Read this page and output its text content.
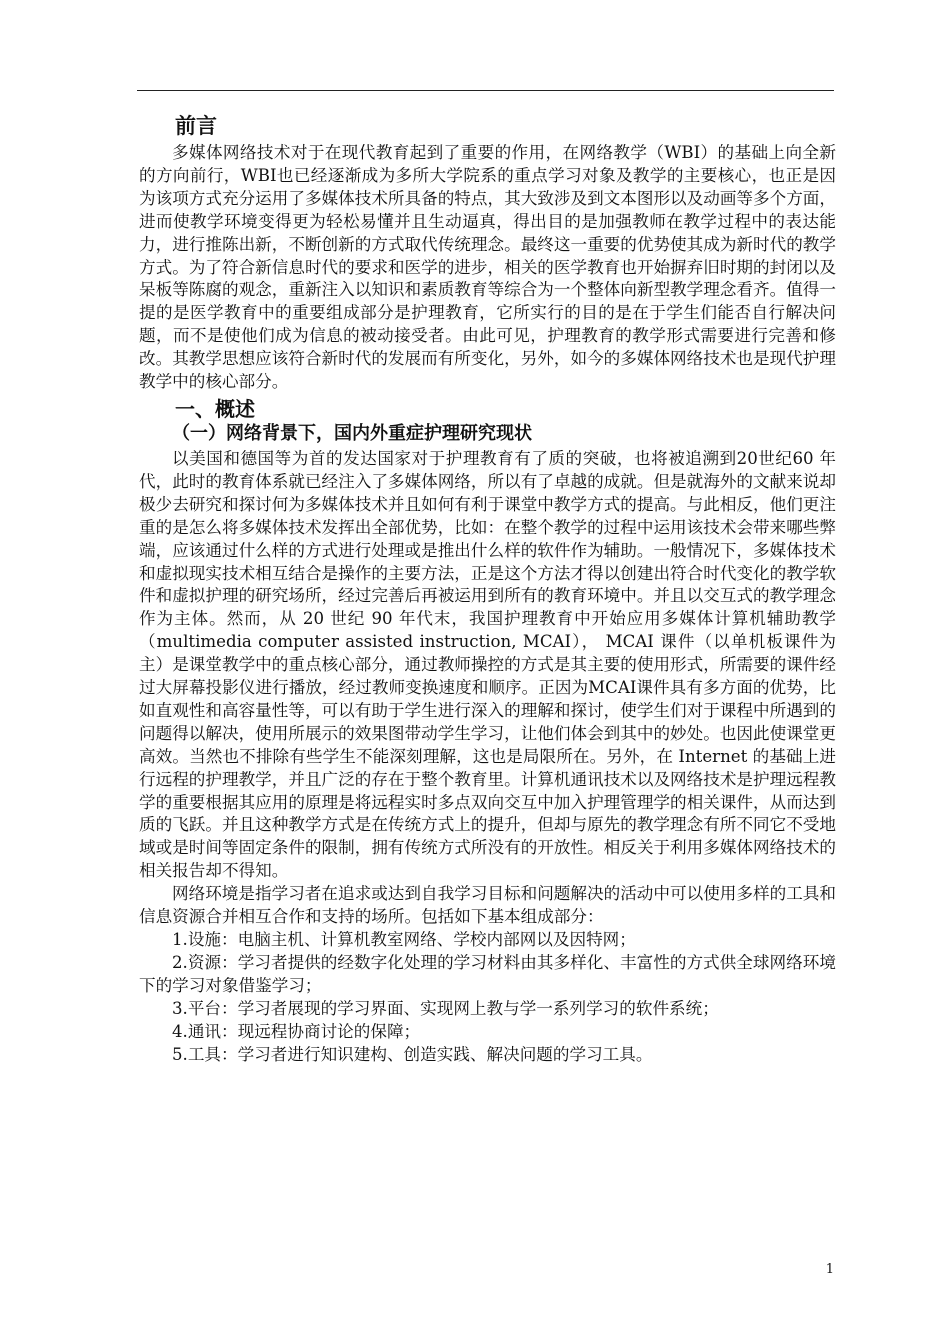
前言

多媒体网络技术对于在现代教育起到了重要的作用，在网络教学（WBI）的基础上向全新的方向前行，WBI也已经逐渐成为多所大学院系的重点学习对象及教学的主要核心，也正是因为该项方式充分运用了多媒体技术所具备的特点，其大致涉及到文本图形以及动画等多个方面，进而使教学环境变得更为轻松易懂并且生动逼真，得出目的是加强教师在教学过程中的表达能力，进行推陈出新，不断创新的方式取代传统理念。最终这一重要的优势使其成为新时代的教学方式。为了符合新信息时代的要求和医学的进步，相关的医学教育也开始摒弃旧时期的封闭以及呆板等陈腐的观念，重新注入以知识和素质教育等综合为一个整体向新型教学理念看齐。值得一提的是医学教育中的重要组成部分是护理教育，它所实行的目的是在于学生们能否自行解决问题，而不是使他们成为信息的被动接受者。由此可见，护理教育的教学形式需要进行完善和修改。其教学思想应该符合新时代的发展而有所变化，另外，如今的多媒体网络技术也是现代护理教学中的核心部分。

一、概述
（一）网络背景下，国内外重症护理研究现状

以美国和德国等为首的发达国家对于护理教育有了质的突破，也将被追溯到20世纪60 年代，此时的教育体系就已经注入了多媒体网络，所以有了卓越的成就。但是就海外的文献来说却极少去研究和探讨何为多媒体技术并且如何有利于课堂中教学方式的提高。与此相反，他们更注重的是怎么将多媒体技术发挥出全部优势，比如：在整个教学的过程中运用该技术会带来哪些弊端，应该通过什么样的方式进行处理或是推出什么样的软件作为辅助。一般情况下，多媒体技术和虚拟现实技术相互结合是操作的主要方法，正是这个方法才得以创建出符合时代变化的教学软件和虚拟护理的研究场所，经过完善后再被运用到所有的教育环境中。并且以交互式的教学理念作为主体。然而，从 20 世纪 90 年代末，我国护理教育中开始应用多媒体计算机辅助教学（multimedia computer assisted instruction, MCAI）， MCAI 课件（以单机板课件为主）是课堂教学中的重点核心部分，通过教师操控的方式是其主要的使用形式，所需要的课件经过大屏幕投影仪进行播放，经过教师变换速度和顺序。正因为MCAI课件具有多方面的优势，比如直观性和高容量性等，可以有助于学生进行深入的理解和探讨，使学生们对于课程中所遇到的问题得以解决，使用所展示的效果图带动学生学习，让他们体会到其中的妙处。也因此使课堂更高效。当然也不排除有些学生不能深刻理解，这也是局限所在。另外，在 Internet 的基础上进行远程的护理教学，并且广泛的存在于整个教育里。计算机通讯技术以及网络技术是护理远程教学的重要根据其应用的原理是将远程实时多点双向交互中加入护理管理学的相关课件，从而达到质的飞跃。并且这种教学方式是在传统方式上的提升，但却与原先的教学理念有所不同它不受地域或是时间等固定条件的限制，拥有传统方式所没有的开放性。相反关于利用多媒体网络技术的相关报告却不得知。

网络环境是指学习者在追求或达到自我学习目标和问题解决的活动中可以使用多样的工具和信息资源合并相互合作和支持的场所。包括如下基本组成部分：

1.设施：电脑主机、计算机教室网络、学校内部网以及因特网；

2.资源：学习者提供的经数字化处理的学习材料由其多样化、丰富性的方式供全球网络环境下的学习对象借鉴学习；

3.平台：学习者展现的学习界面、实现网上教与学一系列学习的软件系统；

4.通讯：现远程协商讨论的保障；

5.工具：学习者进行知识建构、创造实践、解决问题的学习工具。

1
